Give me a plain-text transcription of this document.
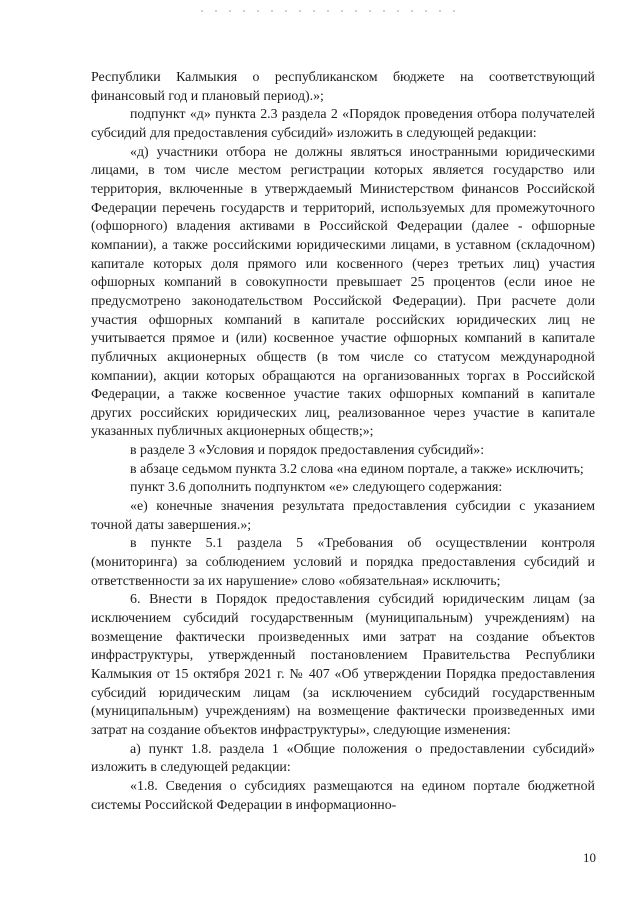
Республики Калмыкия о республиканском бюджете на соответствующий финансовый год и плановый период).»;

подпункт «д» пункта 2.3 раздела 2 «Порядок проведения отбора получателей субсидий для предоставления субсидий» изложить в следующей редакции:

«д) участники отбора не должны являться иностранными юридическими лицами, в том числе местом регистрации которых является государство или территория, включенные в утверждаемый Министерством финансов Российской Федерации перечень государств и территорий, используемых для промежуточного (офшорного) владения активами в Российской Федерации (далее - офшорные компании), а также российскими юридическими лицами, в уставном (складочном) капитале которых доля прямого или косвенного (через третьих лиц) участия офшорных компаний в совокупности превышает 25 процентов (если иное не предусмотрено законодательством Российской Федерации). При расчете доли участия офшорных компаний в капитале российских юридических лиц не учитывается прямое и (или) косвенное участие офшорных компаний в капитале публичных акционерных обществ (в том числе со статусом международной компании), акции которых обращаются на организованных торгах в Российской Федерации, а также косвенное участие таких офшорных компаний в капитале других российских юридических лиц, реализованное через участие в капитале указанных публичных акционерных обществ;»;

в разделе 3 «Условия и порядок предоставления субсидий»:

в абзаце седьмом пункта 3.2 слова «на едином портале, а также» исключить;

пункт 3.6 дополнить подпунктом «е» следующего содержания:

«е) конечные значения результата предоставления субсидии с указанием точной даты завершения.»;

в пункте 5.1 раздела 5 «Требования об осуществлении контроля (мониторинга) за соблюдением условий и порядка предоставления субсидий и ответственности за их нарушение» слово «обязательная» исключить;

6. Внести в Порядок предоставления субсидий юридическим лицам (за исключением субсидий государственным (муниципальным) учреждениям) на возмещение фактически произведенных ими затрат на создание объектов инфраструктуры, утвержденный постановлением Правительства Республики Калмыкия от 15 октября 2021 г. № 407 «Об утверждении Порядка предоставления субсидий юридическим лицам (за исключением субсидий государственным (муниципальным) учреждениям) на возмещение фактически произведенных ими затрат на создание объектов инфраструктуры», следующие изменения:

а) пункт 1.8. раздела 1 «Общие положения о предоставлении субсидий» изложить в следующей редакции:

«1.8. Сведения о субсидиях размещаются на едином портале бюджетной системы Российской Федерации в информационно-

10
